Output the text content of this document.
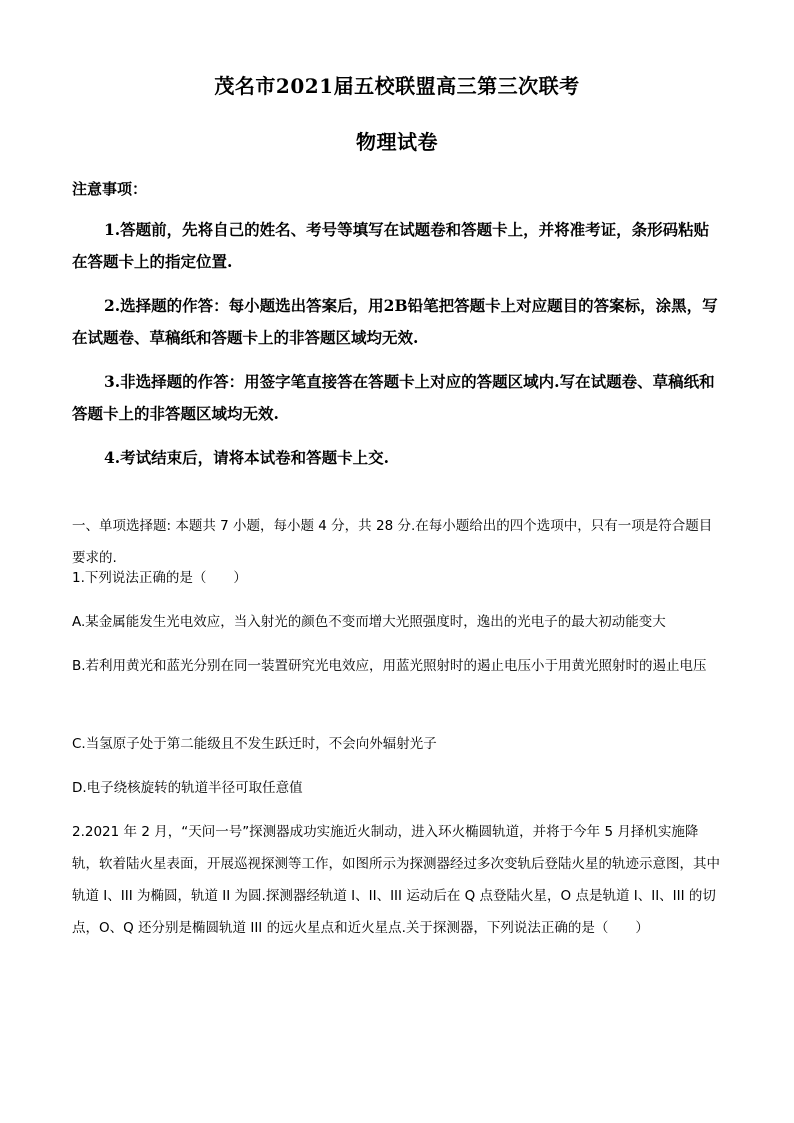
茂名市2021届五校联盟高三第三次联考
物理试卷
注意事项：
1.答题前，先将自己的姓名、考号等填写在试题卷和答题卡上，并将准考证，条形码粘贴在答题卡上的指定位置.
2.选择题的作答：每小题选出答案后，用2B铅笔把答题卡上对应题目的答案标，涂黑，写在试题卷、草稿纸和答题卡上的非答题区域均无效.
3.非选择题的作答：用签字笔直接答在答题卡上对应的答题区域内.写在试题卷、草稿纸和答题卡上的非答题区域均无效.
4.考试结束后，请将本试卷和答题卡上交.
一、单项选择题: 本题共 7 小题，每小题 4 分，共 28 分.在每小题给出的四个选项中，只有一项是符合题目要求的.
1.下列说法正确的是（　　）
A.某金属能发生光电效应，当入射光的颜色不变而增大光照强度时，逸出的光电子的最大初动能变大
B.若利用黄光和蓝光分别在同一装置研究光电效应，用蓝光照射时的遏止电压小于用黄光照射时的遏止电压
C.当氢原子处于第二能级且不发生跃迁时，不会向外辐射光子
D.电子绕核旋转的轨道半径可取任意值
2.2021 年 2 月，“天问一号”探测器成功实施近火制动，进入环火椭圆轨道，并将于今年 5 月择机实施降轨，软着陆火星表面，开展巡视探测等工作，如图所示为探测器经过多次变轨后登陆火星的轨迹示意图，其中轨道 I、III 为椭圆，轨道 II 为圆.探测器经轨道 I、II、III 运动后在 Q 点登陆火星，O 点是轨道 I、II、III 的切点，O、Q 还分别是椭圆轨道 III 的远火星点和近火星点.关于探测器，下列说法正确的是（　　）
